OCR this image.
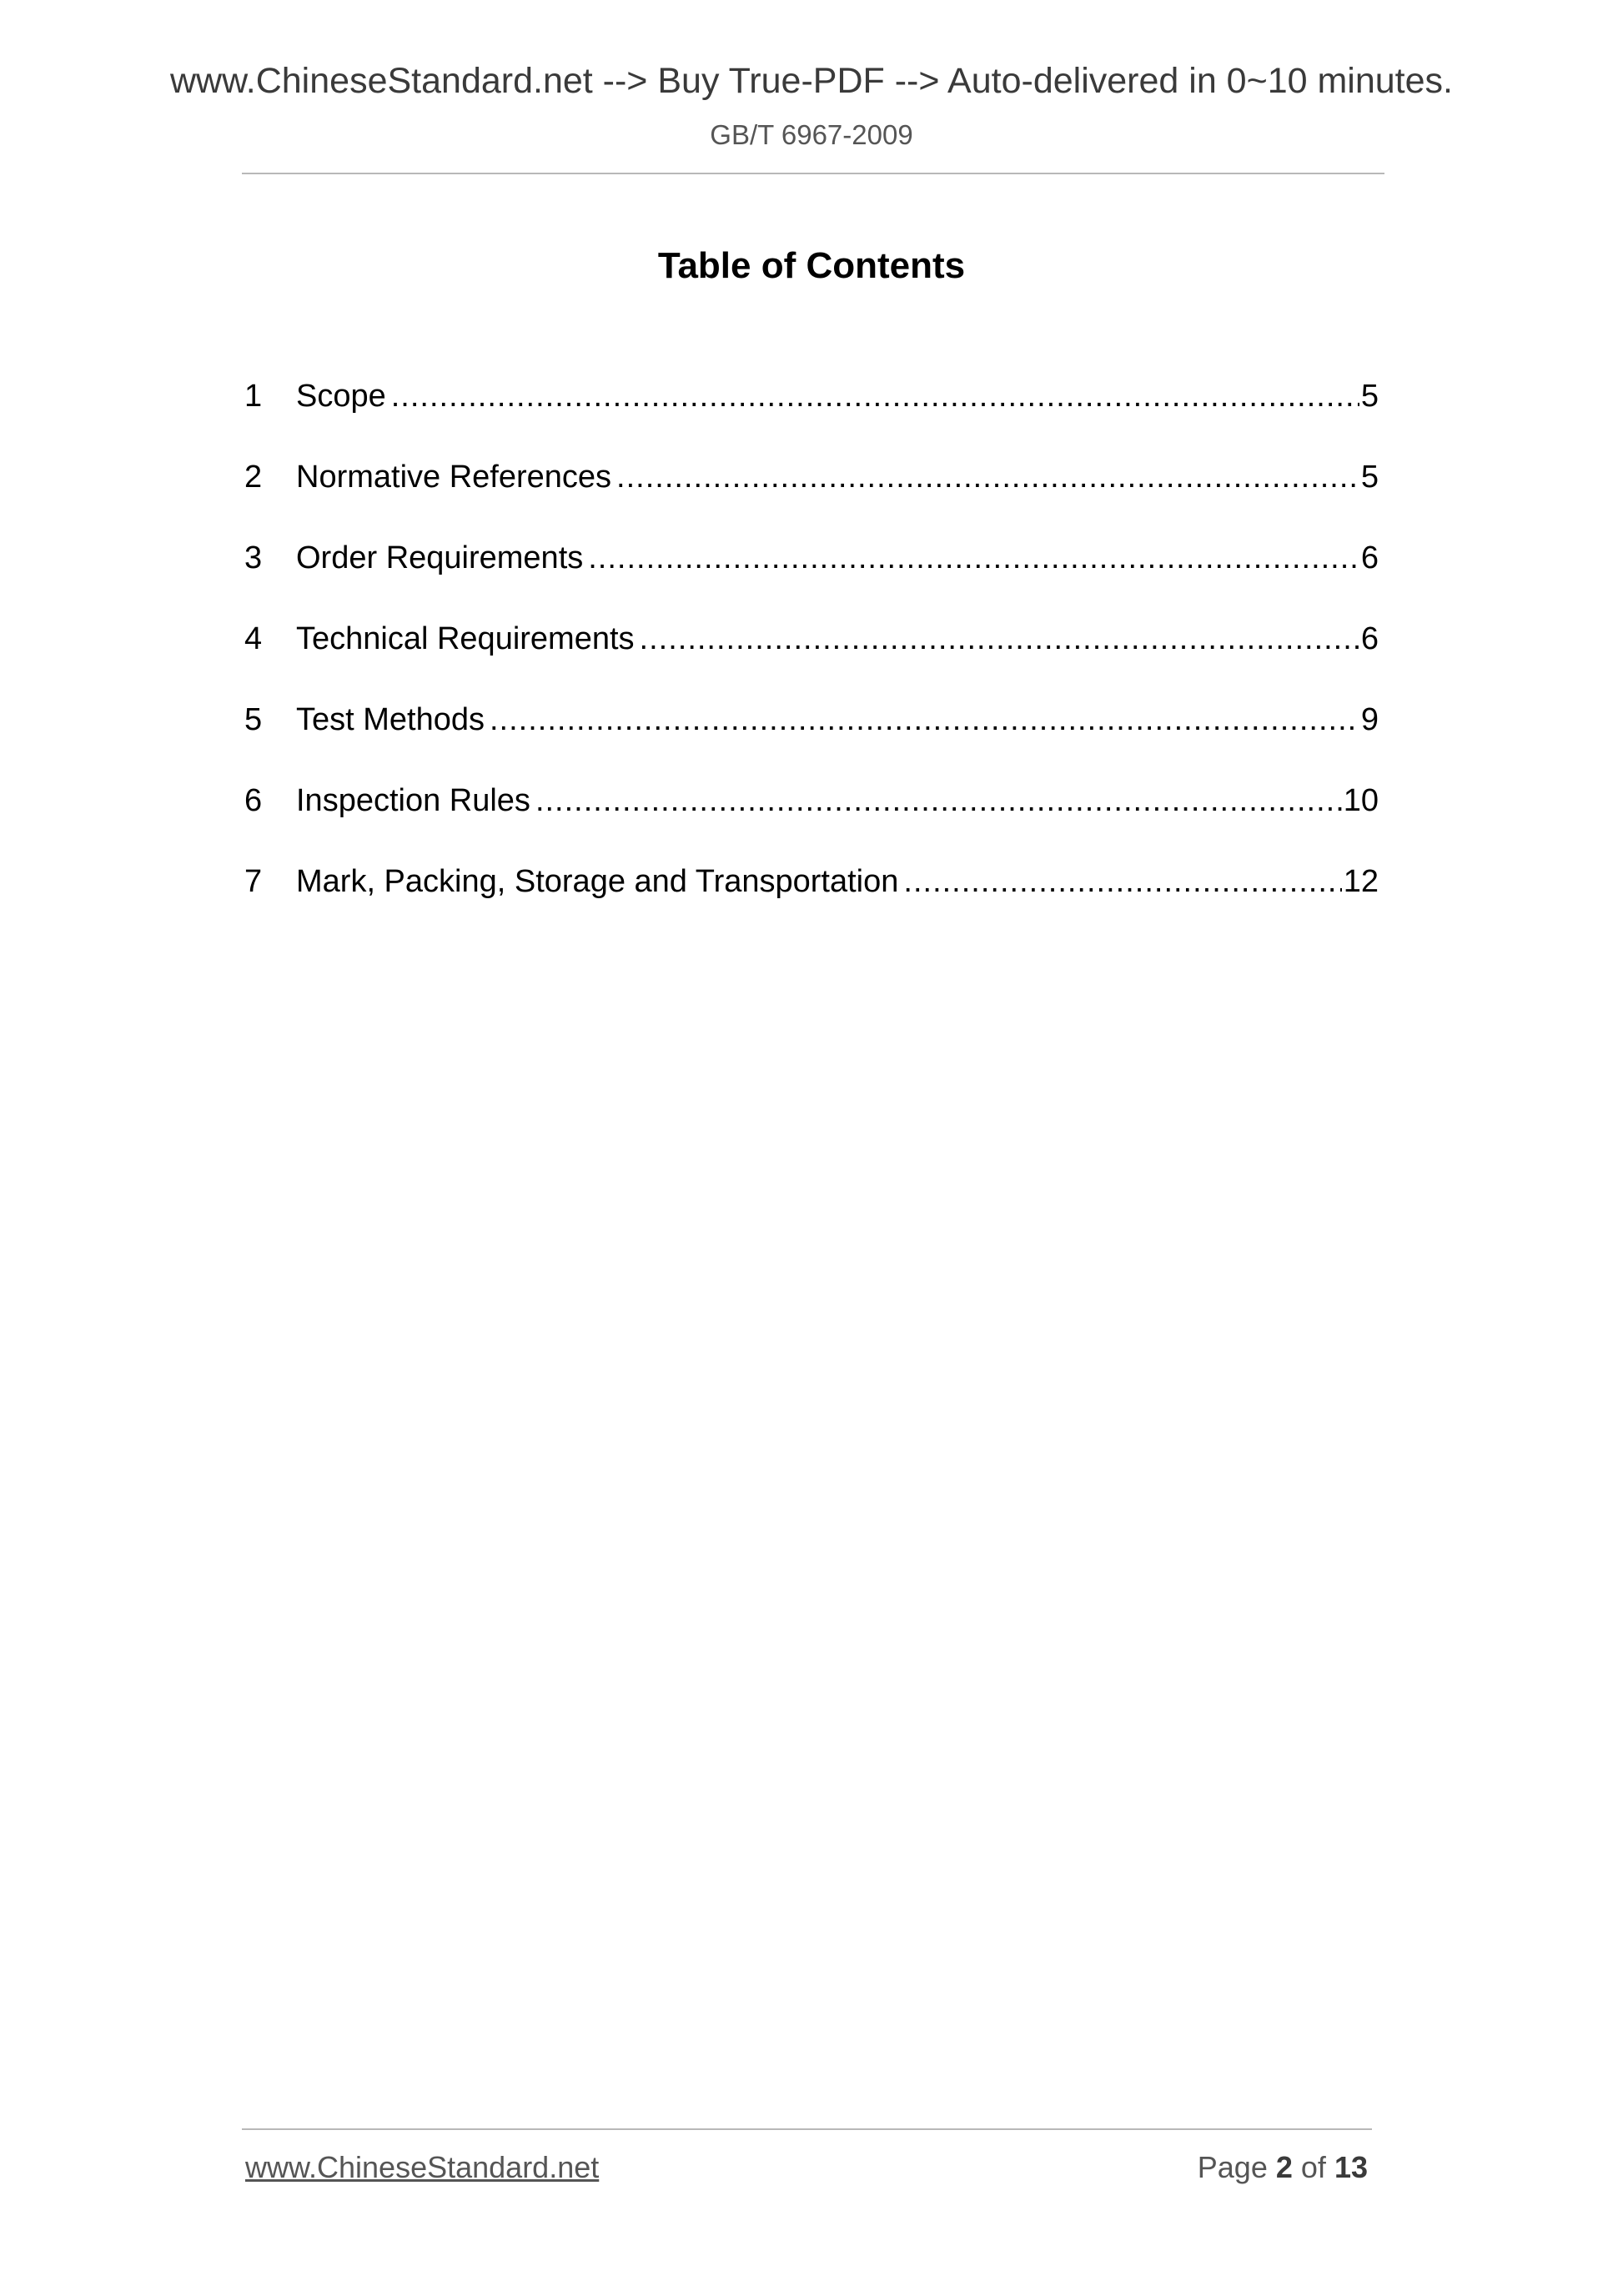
www.ChineseStandard.net --> Buy True-PDF --> Auto-delivered in 0~10 minutes.
GB/T 6967-2009
Table of Contents
1	Scope .....	5
2	Normative References .....	5
3	Order Requirements .....	6
4	Technical Requirements .....	6
5	Test Methods .....	9
6	Inspection Rules .....	10
7	Mark, Packing, Storage and Transportation .....	12
www.ChineseStandard.net	Page 2 of 13
